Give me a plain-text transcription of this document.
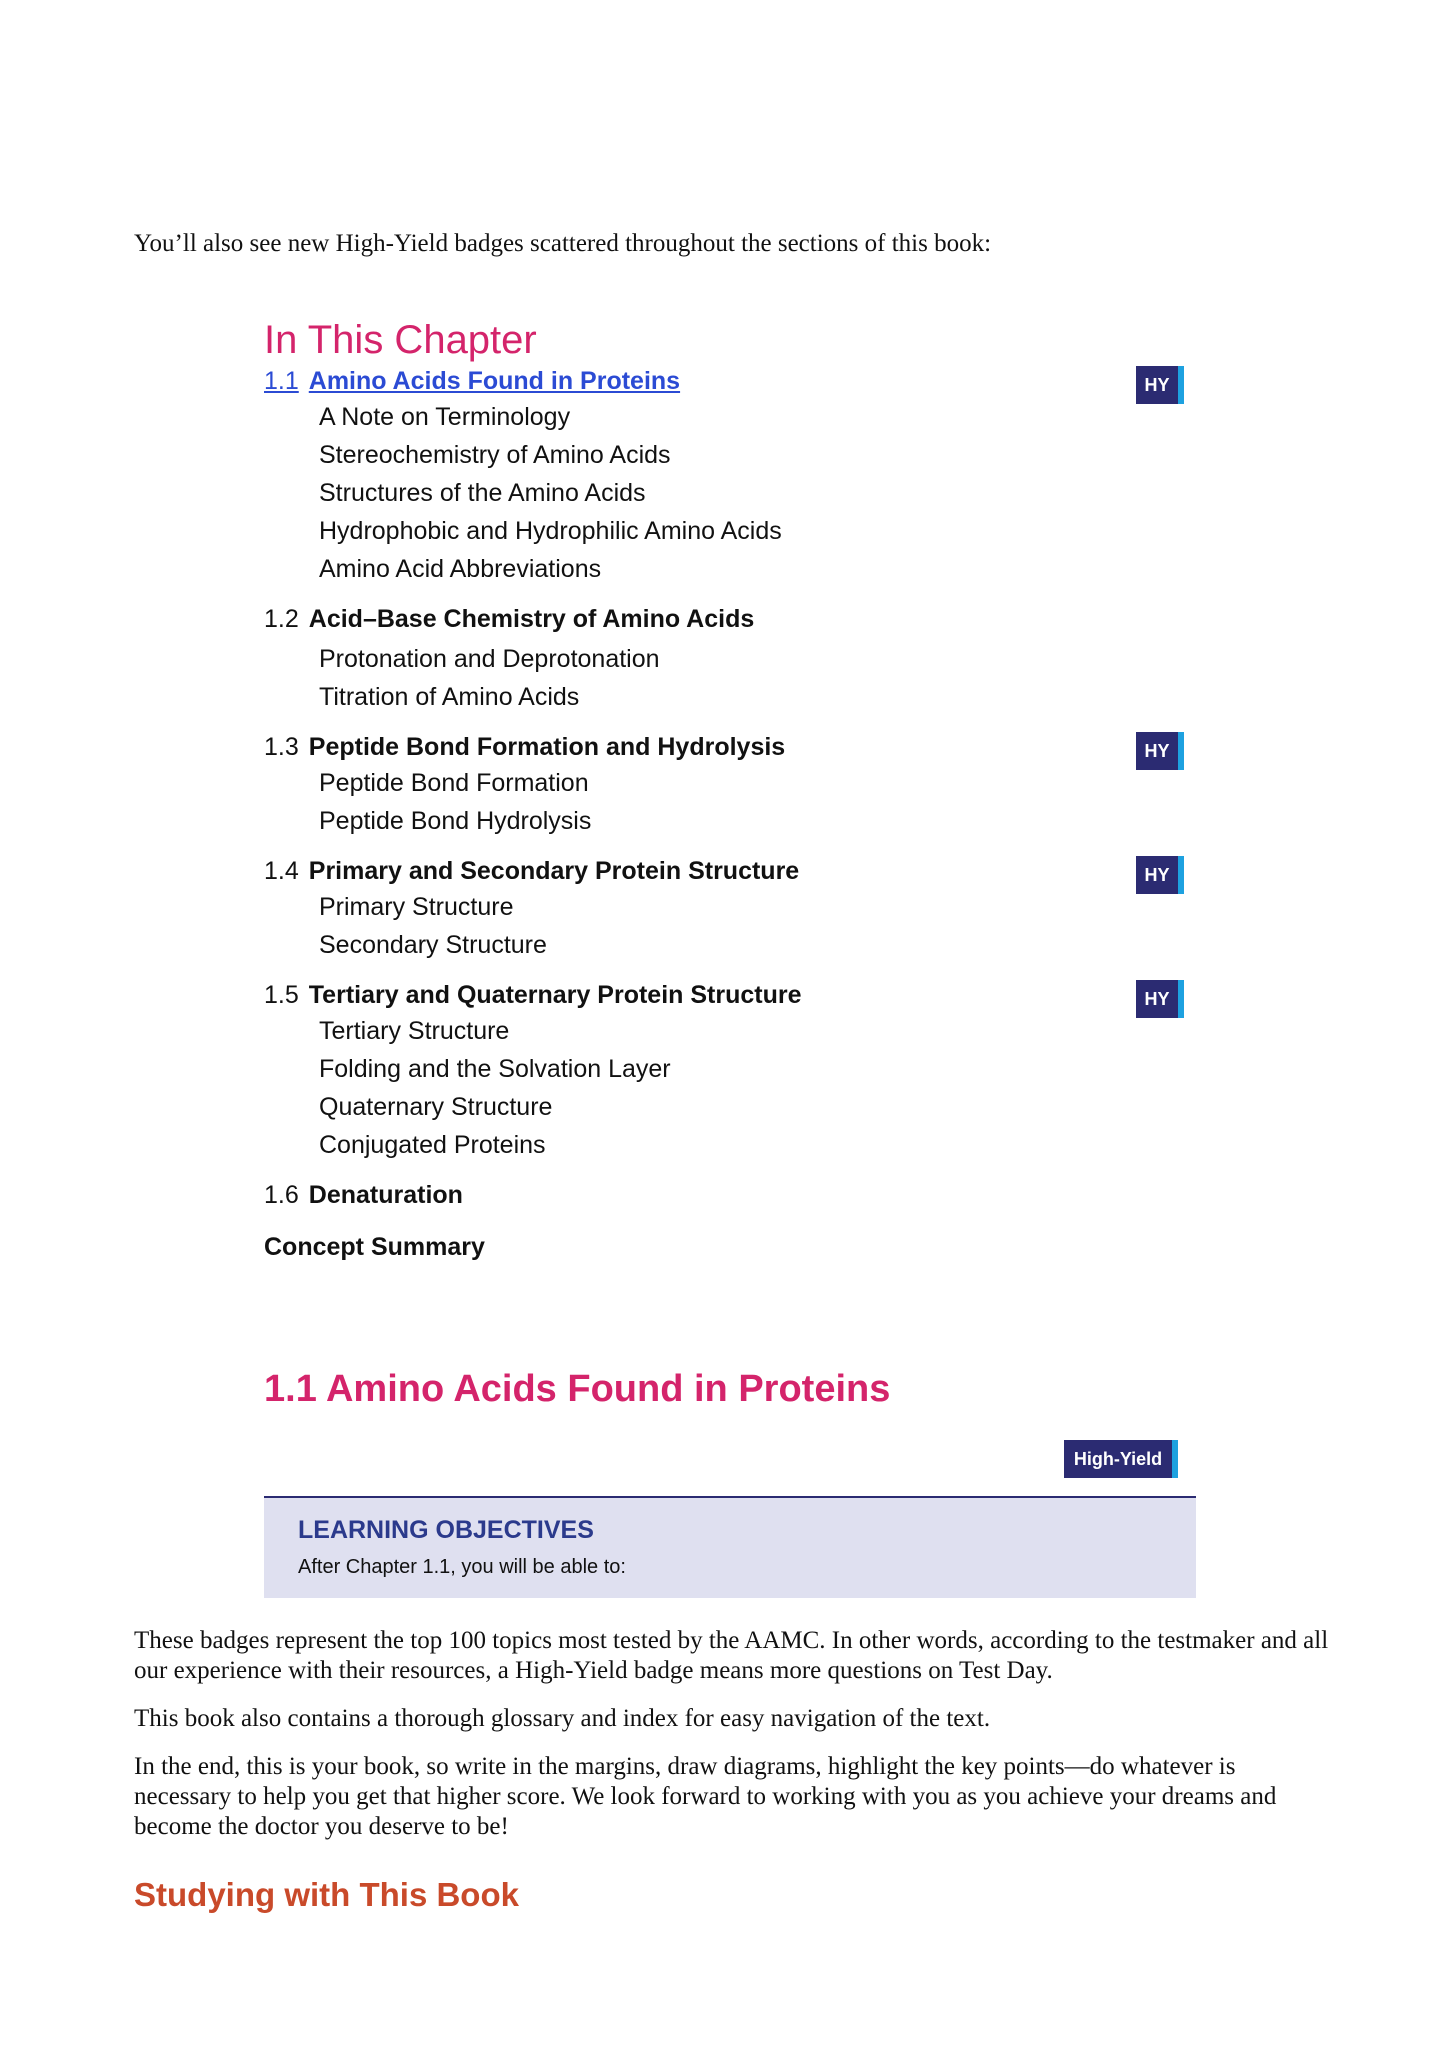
You’ll also see new High-Yield badges scattered throughout the sections of this book:

In This Chapter
1.1 Amino Acids Found in Proteins	HY
A Note on Terminology
Stereochemistry of Amino Acids
Structures of the Amino Acids
Hydrophobic and Hydrophilic Amino Acids
Amino Acid Abbreviations
1.2 Acid–Base Chemistry of Amino Acids
Protonation and Deprotonation
Titration of Amino Acids
1.3 Peptide Bond Formation and Hydrolysis	HY
Peptide Bond Formation
Peptide Bond Hydrolysis
1.4 Primary and Secondary Protein Structure	HY
Primary Structure
Secondary Structure
1.5 Tertiary and Quaternary Protein Structure	HY
Tertiary Structure
Folding and the Solvation Layer
Quaternary Structure
Conjugated Proteins
1.6 Denaturation
Concept Summary
1.1 Amino Acids Found in Proteins
High-Yield

LEARNING OBJECTIVES

After Chapter 1.1, you will be able to:

These badges represent the top 100 topics most tested by the AAMC. In other words, according to the testmaker and all our experience with their resources, a High-Yield badge means more questions on Test Day.

This book also contains a thorough glossary and index for easy navigation of the text.

In the end, this is your book, so write in the margins, draw diagrams, highlight the key points—do whatever is necessary to help you get that higher score. We look forward to working with you as you achieve your dreams and become the doctor you deserve to be!

Studying with This Book
